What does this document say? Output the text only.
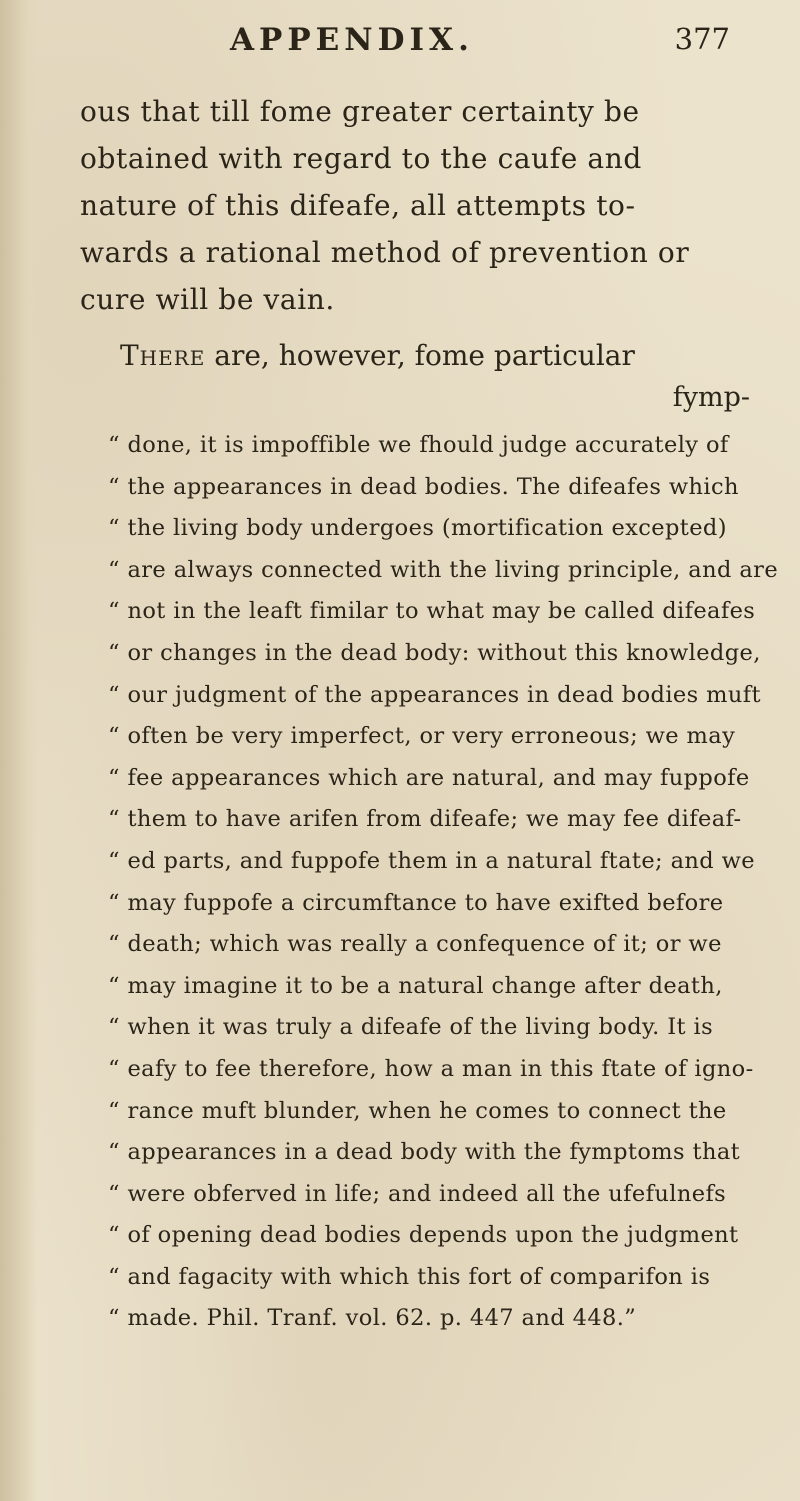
APPENDIX.	377
ous that till fome greater certainty be
obtained with regard to the caufe and
nature of this difeafe, all attempts to-
wards a rational method of prevention or
cure will be vain.
There are, however, fome particular
fymp-
“ done, it is impoffible we fhould judge accurately of
“ the appearances in dead bodies. The difeafes which
“ the living body undergoes (mortification excepted)
“ are always connected with the living principle, and are
“ not in the leaft fimilar to what may be called difeafes
“ or changes in the dead body: without this knowledge,
“ our judgment of the appearances in dead bodies muft
“ often be very imperfect, or very erroneous; we may
“ fee appearances which are natural, and may fuppofe
“ them to have arifen from difeafe; we may fee difeaf-
“ ed parts, and fuppofe them in a natural ftate; and we
“ may fuppofe a circumftance to have exifted before
“ death; which was really a confequence of it; or we
“ may imagine it to be a natural change after death,
“ when it was truly a difeafe of the living body. It is
“ eafy to fee therefore, how a man in this ftate of igno-
“ rance muft blunder, when he comes to connect the
“ appearances in a dead body with the fymptoms that
“ were obferved in life; and indeed all the ufefulnefs
“ of opening dead bodies depends upon the judgment
“ and fagacity with which this fort of comparifon is
“ made. Phil. Tranf. vol. 62. p. 447 and 448.”
